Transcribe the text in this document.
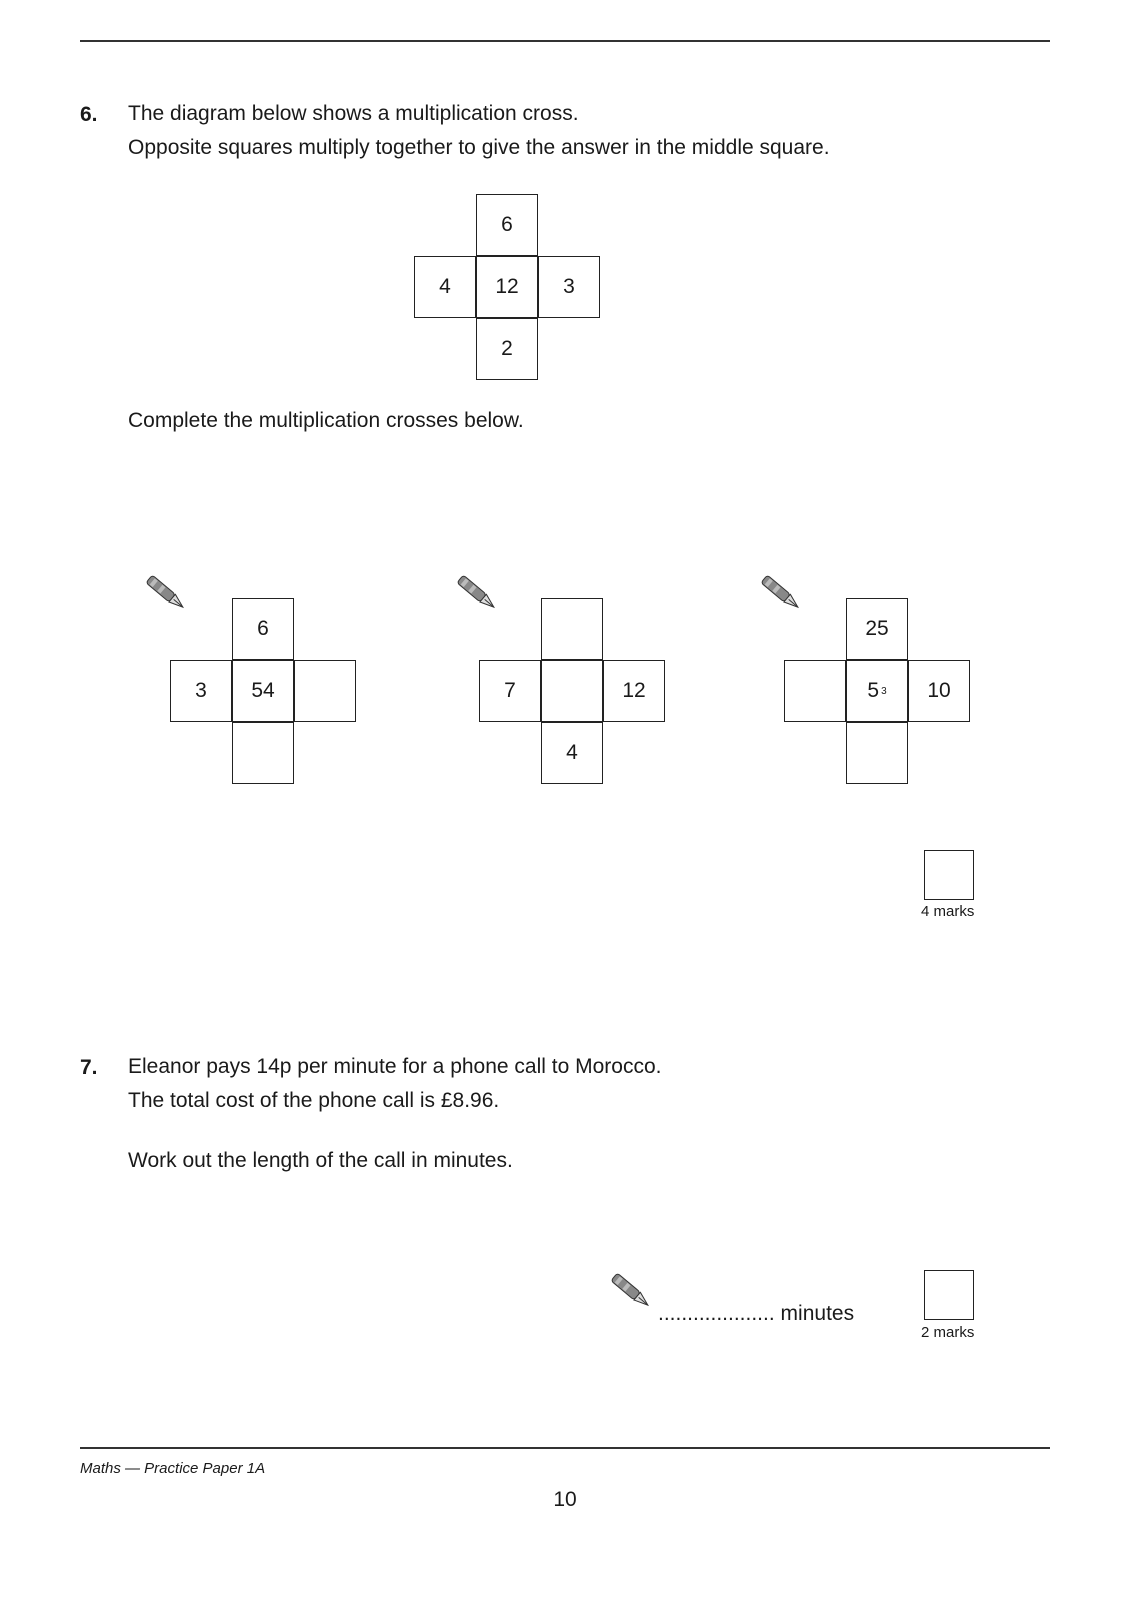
6. The diagram below shows a multiplication cross.
Opposite squares multiply together to give the answer in the middle square.
6
4	12	3
2
Complete the multiplication crosses below.
6
3	54	7	12
4
25
5 3	10
4 marks
7. Eleanor pays 14p per minute for a phone call to Morocco.
The total cost of the phone call is £8.96.
Work out the length of the call in minutes.
.................... minutes
2 marks
Maths — Practice Paper 1A
10
